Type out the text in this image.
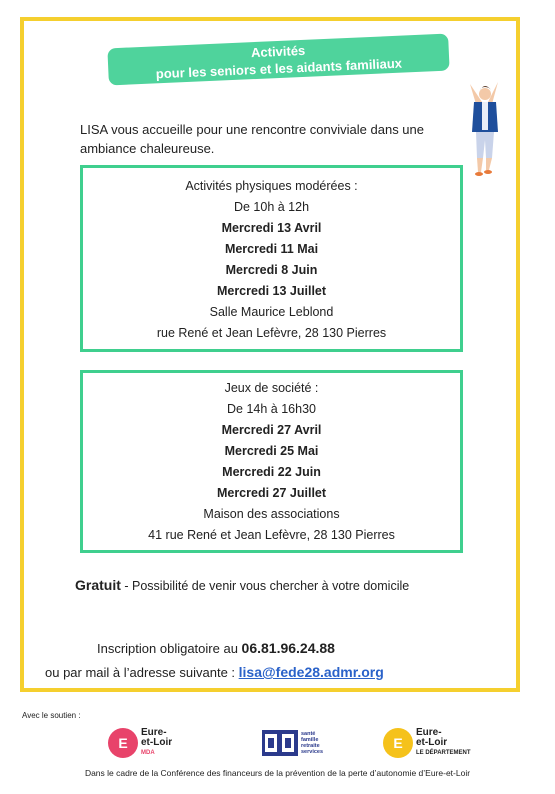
Activités
pour les seniors et les aidants familiaux
LISA vous accueille pour une rencontre conviviale dans une ambiance chaleureuse.
Activités physiques modérées :
De 10h à 12h
Mercredi 13 Avril
Mercredi 11 Mai
Mercredi 8 Juin
Mercredi 13 Juillet
Salle Maurice Leblond
rue René et Jean Lefèvre, 28 130 Pierres
Jeux de société :
De 14h à 16h30
Mercredi 27 Avril
Mercredi 25 Mai
Mercredi 22 Juin
Mercredi 27 Juillet
Maison des associations
41 rue René et Jean Lefèvre, 28 130 Pierres
Gratuit - Possibilité de venir vous chercher à votre domicile
Inscription obligatoire au 06.81.96.24.88
ou par mail à l’adresse suivante : lisa@fede28.admr.org
Avec le soutien :
E
Eure-
et-Loir
MDA
santé
famille
retraite
services
E
Eure-
et-Loir
LE DÉPARTEMENT
Dans le cadre de la Conférence des financeurs de la prévention de la perte d’autonomie d’Eure-et-Loir
